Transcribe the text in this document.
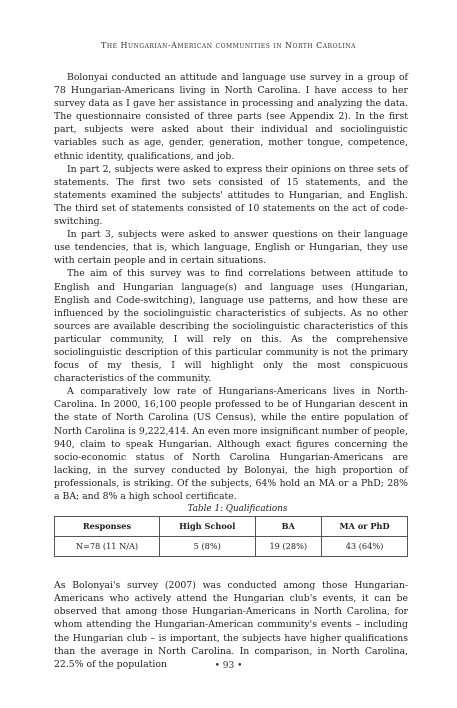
The Hungarian-American communities in North Carolina

Bolonyai conducted an attitude and language use survey in a group of 78 Hungarian-Americans living in North Carolina. I have access to her survey data as I gave her assistance in processing and analyzing the data. The questionnaire consisted of three parts (see Appendix 2). In the first part, subjects were asked about their individual and sociolinguistic variables such as age, gender, generation, mother tongue, competence, ethnic identity, qualifications, and job.

In part 2, subjects were asked to express their opinions on three sets of statements. The first two sets consisted of 15 statements, and the statements examined the subjects' attitudes to Hungarian, and English. The third set of statements consisted of 10 statements on the act of code-switching.

In part 3, subjects were asked to answer questions on their language use tendencies, that is, which language, English or Hungarian, they use with certain people and in certain situations.

The aim of this survey was to find correlations between attitude to English and Hungarian language(s) and language uses (Hungarian, English and Code-switching), language use patterns, and how these are influenced by the sociolinguistic characteristics of subjects. As no other sources are available describing the sociolinguistic characteristics of this particular community, I will rely on this. As the comprehensive sociolinguistic description of this particular community is not the primary focus of my thesis, I will highlight only the most conspicuous characteristics of the community.

A comparatively low rate of Hungarians-Americans lives in North-Carolina. In 2000, 16,100 people professed to be of Hungarian descent in the state of North Carolina (US Census), while the entire population of North Carolina is 9,222,414. An even more insignificant number of people, 940, claim to speak Hungarian. Although exact figures concerning the socio-economic status of North Carolina Hungarian-Americans are lacking, in the survey conducted by Bolonyai, the high proportion of professionals, is striking. Of the subjects, 64% hold an MA or a PhD; 28% a BA; and 8% a high school certificate.

Table 1: Qualifications

Responses	High School	BA	MA or PhD
N=78 (11 N/A)	5 (8%)	19 (28%)	43 (64%)

As Bolonyai's survey (2007) was conducted among those Hungarian-Americans who actively attend the Hungarian club's events, it can be observed that among those Hungarian-Americans in North Carolina, for whom attending the Hungarian-American community's events – including the Hungarian club – is important, the subjects have higher qualifications than the average in North Carolina. In comparison, in North Carolina, 22.5% of the population	• 93 •
